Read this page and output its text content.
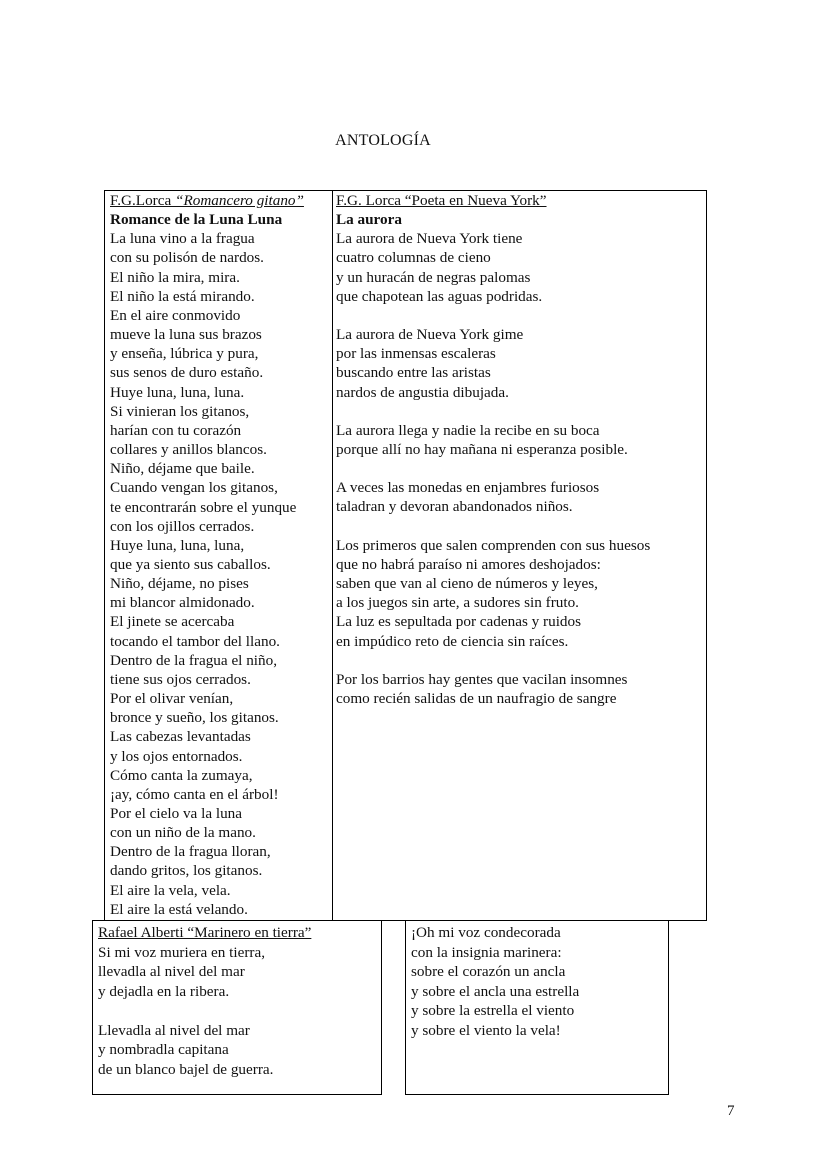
ANTOLOGÍA
F.G.Lorca “Romancero gitano”
Romance de la Luna Luna
La luna vino a la fragua
con su polisón de nardos.
El niño la mira, mira.
El niño la está mirando.
En el aire conmovido
mueve la luna sus brazos
y enseña, lúbrica y pura,
sus senos de duro estaño.
Huye luna, luna, luna.
Si vinieran los gitanos,
harían con tu corazón
collares y anillos blancos.
Niño, déjame que baile.
Cuando vengan los gitanos,
te encontrarán sobre el yunque
con los ojillos cerrados.
Huye luna, luna, luna,
que ya siento sus caballos.
Niño, déjame, no pises
mi blancor almidonado.
El jinete se acercaba
tocando el tambor del llano.
Dentro de la fragua el niño,
tiene sus ojos cerrados.
Por el olivar venían,
bronce y sueño, los gitanos.
Las cabezas levantadas
y los ojos entornados.
Cómo canta la zumaya,
¡ay, cómo canta en el árbol!
Por el cielo va la luna
con un niño de la mano.
Dentro de la fragua lloran,
dando gritos, los gitanos.
El aire la vela, vela.
El aire la está velando.
F.G. Lorca “Poeta en Nueva York”
La aurora
La aurora de Nueva York tiene
cuatro columnas de cieno
y un huracán de negras palomas
que chapotean las aguas podridas.
La aurora de Nueva York gime
por las inmensas escaleras
buscando entre las aristas
nardos de angustia dibujada.
La aurora llega y nadie la recibe en su boca
porque allí no hay mañana ni esperanza posible.
A veces las monedas en enjambres furiosos
taladran y devoran abandonados niños.
Los primeros que salen comprenden con sus huesos
que no habrá paraíso ni amores deshojados:
saben que van al cieno de números y leyes,
a los juegos sin arte, a sudores sin fruto.
La luz es sepultada por cadenas y ruidos
en impúdico reto de ciencia sin raíces.
Por los barrios hay gentes que vacilan insomnes
como recién salidas de un naufragio de sangre
Rafael Alberti “Marinero en tierra”
Si mi voz muriera en tierra,
llevadla al nivel del mar
y dejadla en la ribera.
Llevadla al nivel del mar
y nombradla capitana
de un blanco bajel de guerra.
¡Oh mi voz condecorada
con la insignia marinera:
sobre el corazón un ancla
y sobre el ancla una estrella
y sobre la estrella el viento
y sobre el viento la vela!
7
